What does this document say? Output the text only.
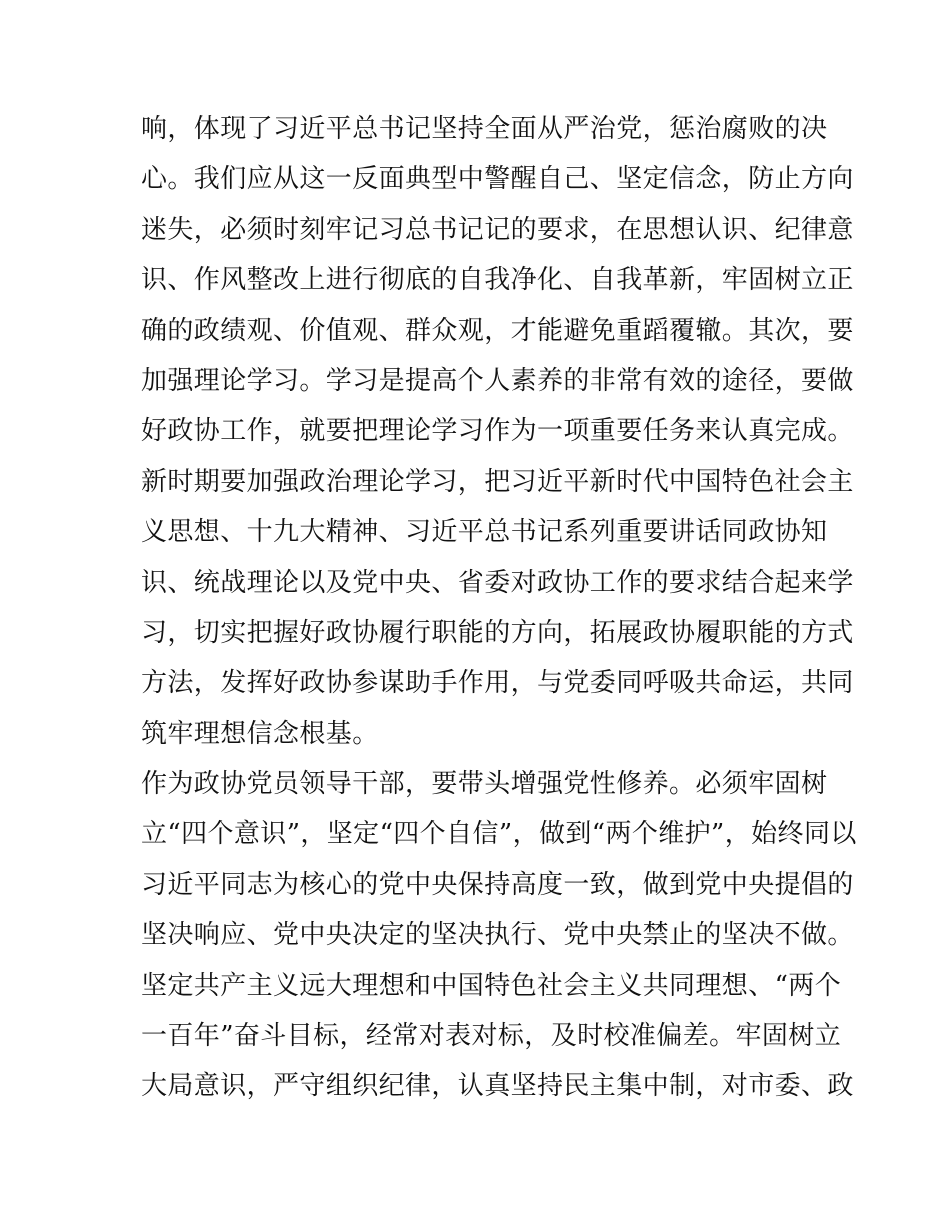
响，体现了习近平总书记坚持全面从严治党，惩治腐败的决
心。我们应从这一反面典型中警醒自己、坚定信念，防止方向
迷失，必须时刻牢记习总书记记的要求，在思想认识、纪律意
识、作风整改上进行彻底的自我净化、自我革新，牢固树立正
确的政绩观、价值观、群众观，才能避免重蹈覆辙。其次，要
加强理论学习。学习是提高个人素养的非常有效的途径，要做
好政协工作，就要把理论学习作为一项重要任务来认真完成。
新时期要加强政治理论学习，把习近平新时代中国特色社会主
义思想、十九大精神、习近平总书记系列重要讲话同政协知
识、统战理论以及党中央、省委对政协工作的要求结合起来学
习，切实把握好政协履行职能的方向，拓展政协履职能的方式
方法，发挥好政协参谋助手作用，与党委同呼吸共命运，共同
筑牢理想信念根基。
作为政协党员领导干部，要带头增强党性修养。必须牢固树
立“四个意识”，坚定“四个自信”，做到“两个维护”，始终同以
习近平同志为核心的党中央保持高度一致，做到党中央提倡的
坚决响应、党中央决定的坚决执行、党中央禁止的坚决不做。
坚定共产主义远大理想和中国特色社会主义共同理想、“两个
一百年”奋斗目标，经常对表对标，及时校准偏差。牢固树立
大局意识，严守组织纪律，认真坚持民主集中制，对市委、政
